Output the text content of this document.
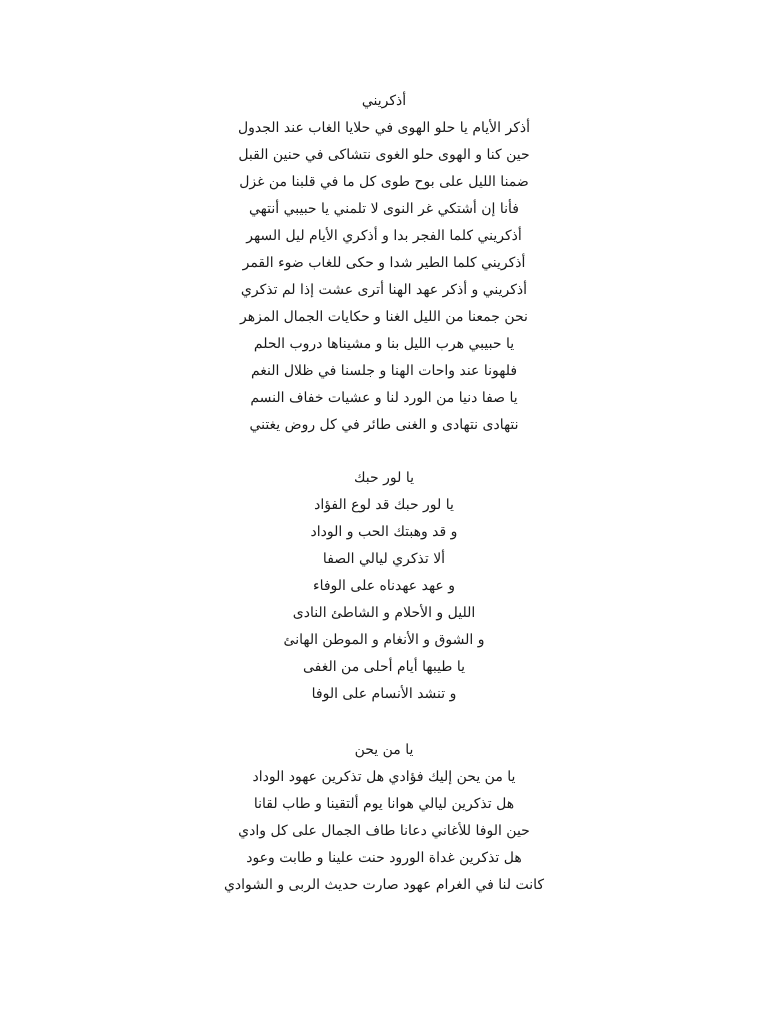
أذكريني
أذكر الأيام يا حلو الهوى في حلايا الغاب عند الجدول
حين كنا و الهوى حلو الغوى نتشاكى في حنين القبل
ضمنا الليل على بوح طوى كل ما في قلبنا من غزل
فأنا إن أشتكي غر النوى لا تلمني يا حبيبي أنتهي
أذكريني كلما الفجر بدا و أذكري الأيام ليل السهر
أذكريني كلما الطير شدا و حكى للغاب ضوء القمر
أذكريني و أذكر عهد الهنا أترى عشت إذا لم تذكري
نحن جمعنا من الليل الغنا و حكايات الجمال المزهر
يا حبيبي هرب الليل بنا و مشيناها دروب الحلم
فلهونا عند واحات الهنا و جلسنا في ظلال النغم
يا صفا دنيا من الورد لنا و عشيات خفاف النسم
نتهادى نتهادى و الغنى طائر في كل روض يغتني
يا لور حبك
يا لور حبك قد لوع الفؤاد
و قد وهبتك الحب و الوداد
ألا تذكري ليالي الصفا
و عهد عهدناه على الوفاء
الليل و الأحلام و الشاطئ النادى
و الشوق و الأنغام و الموطن الهانئ
يا طيبها أيام أحلى من الغفى
و تنشد الأنسام على الوفا
يا من يحن
يا من يحن إليك فؤادي هل تذكرين عهود الوداد
هل تذكرين ليالي هوانا يوم ألتقينا و طاب لقانا
حين الوفا للأغاني دعانا طاف الجمال على كل وادي
هل تذكرين غداة الورود حنت علينا و طابت وعود
كانت لنا في الغرام عهود صارت حديث الربى و الشوادي
